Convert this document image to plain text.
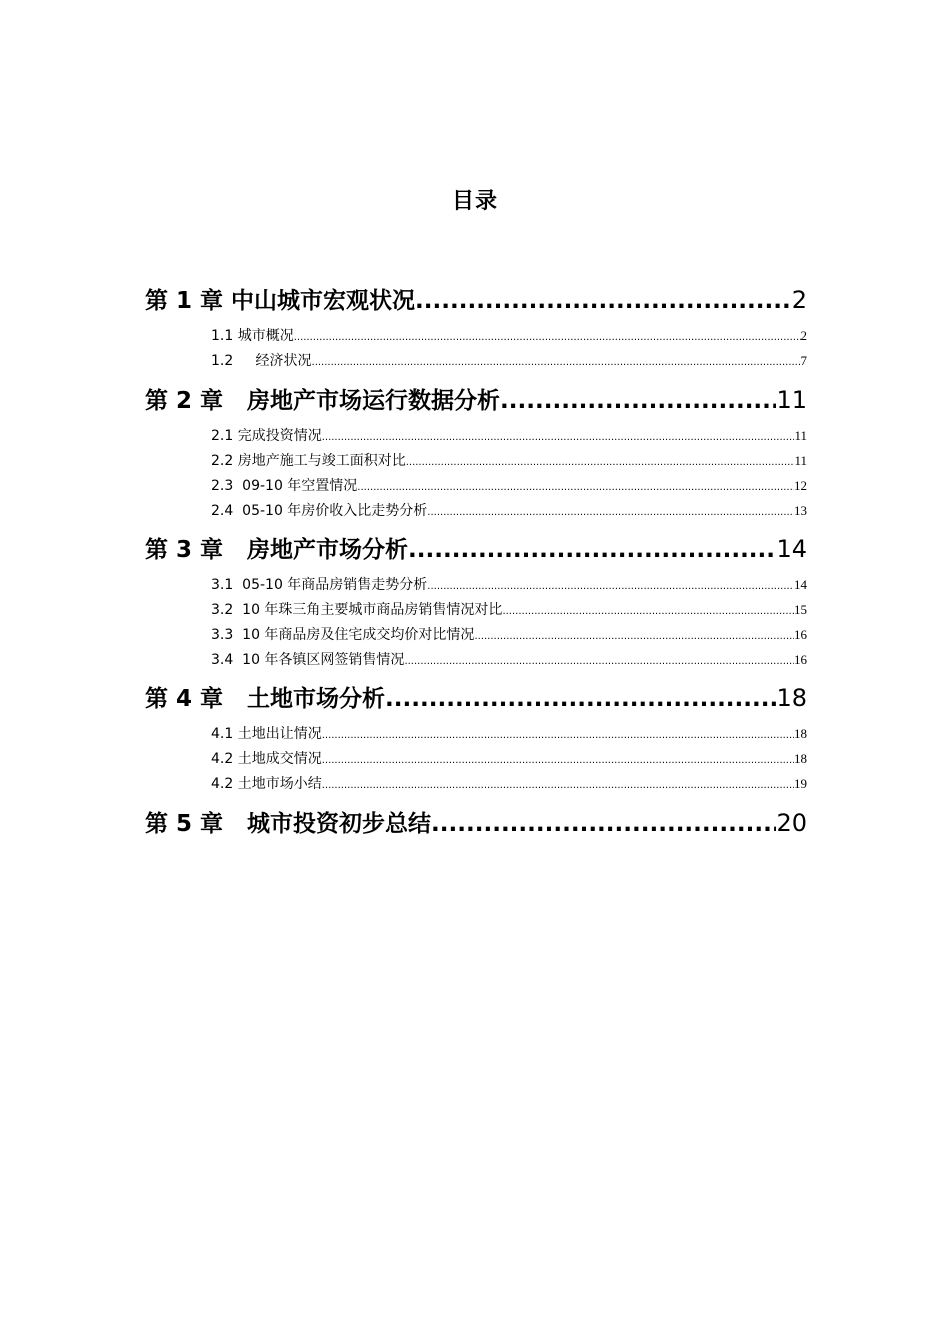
目录
第 1 章 中山城市宏观状况 .....	2
1.1 城市概况 .....	2
1.2     经济状况 .....	7
第 2 章   房地产市场运行数据分析 .....	11
2.1 完成投资情况 .....	11
2.2 房地产施工与竣工面积对比 .....	11
2.3  09-10 年空置情况 .....	12
2.4  05-10 年房价收入比走势分析 .....	13
第 3 章   房地产市场分析 .....	14
3.1  05-10 年商品房销售走势分析 .....	14
3.2  10 年珠三角主要城市商品房销售情况对比 .....	15
3.3  10 年商品房及住宅成交均价对比情况 .....	16
3.4  10 年各镇区网签销售情况 .....	16
第 4 章   土地市场分析 .....	18
4.1 土地出让情况 .....	18
4.2 土地成交情况 .....	18
4.2 土地市场小结 .....	19
第 5 章   城市投资初步总结 .....	20
